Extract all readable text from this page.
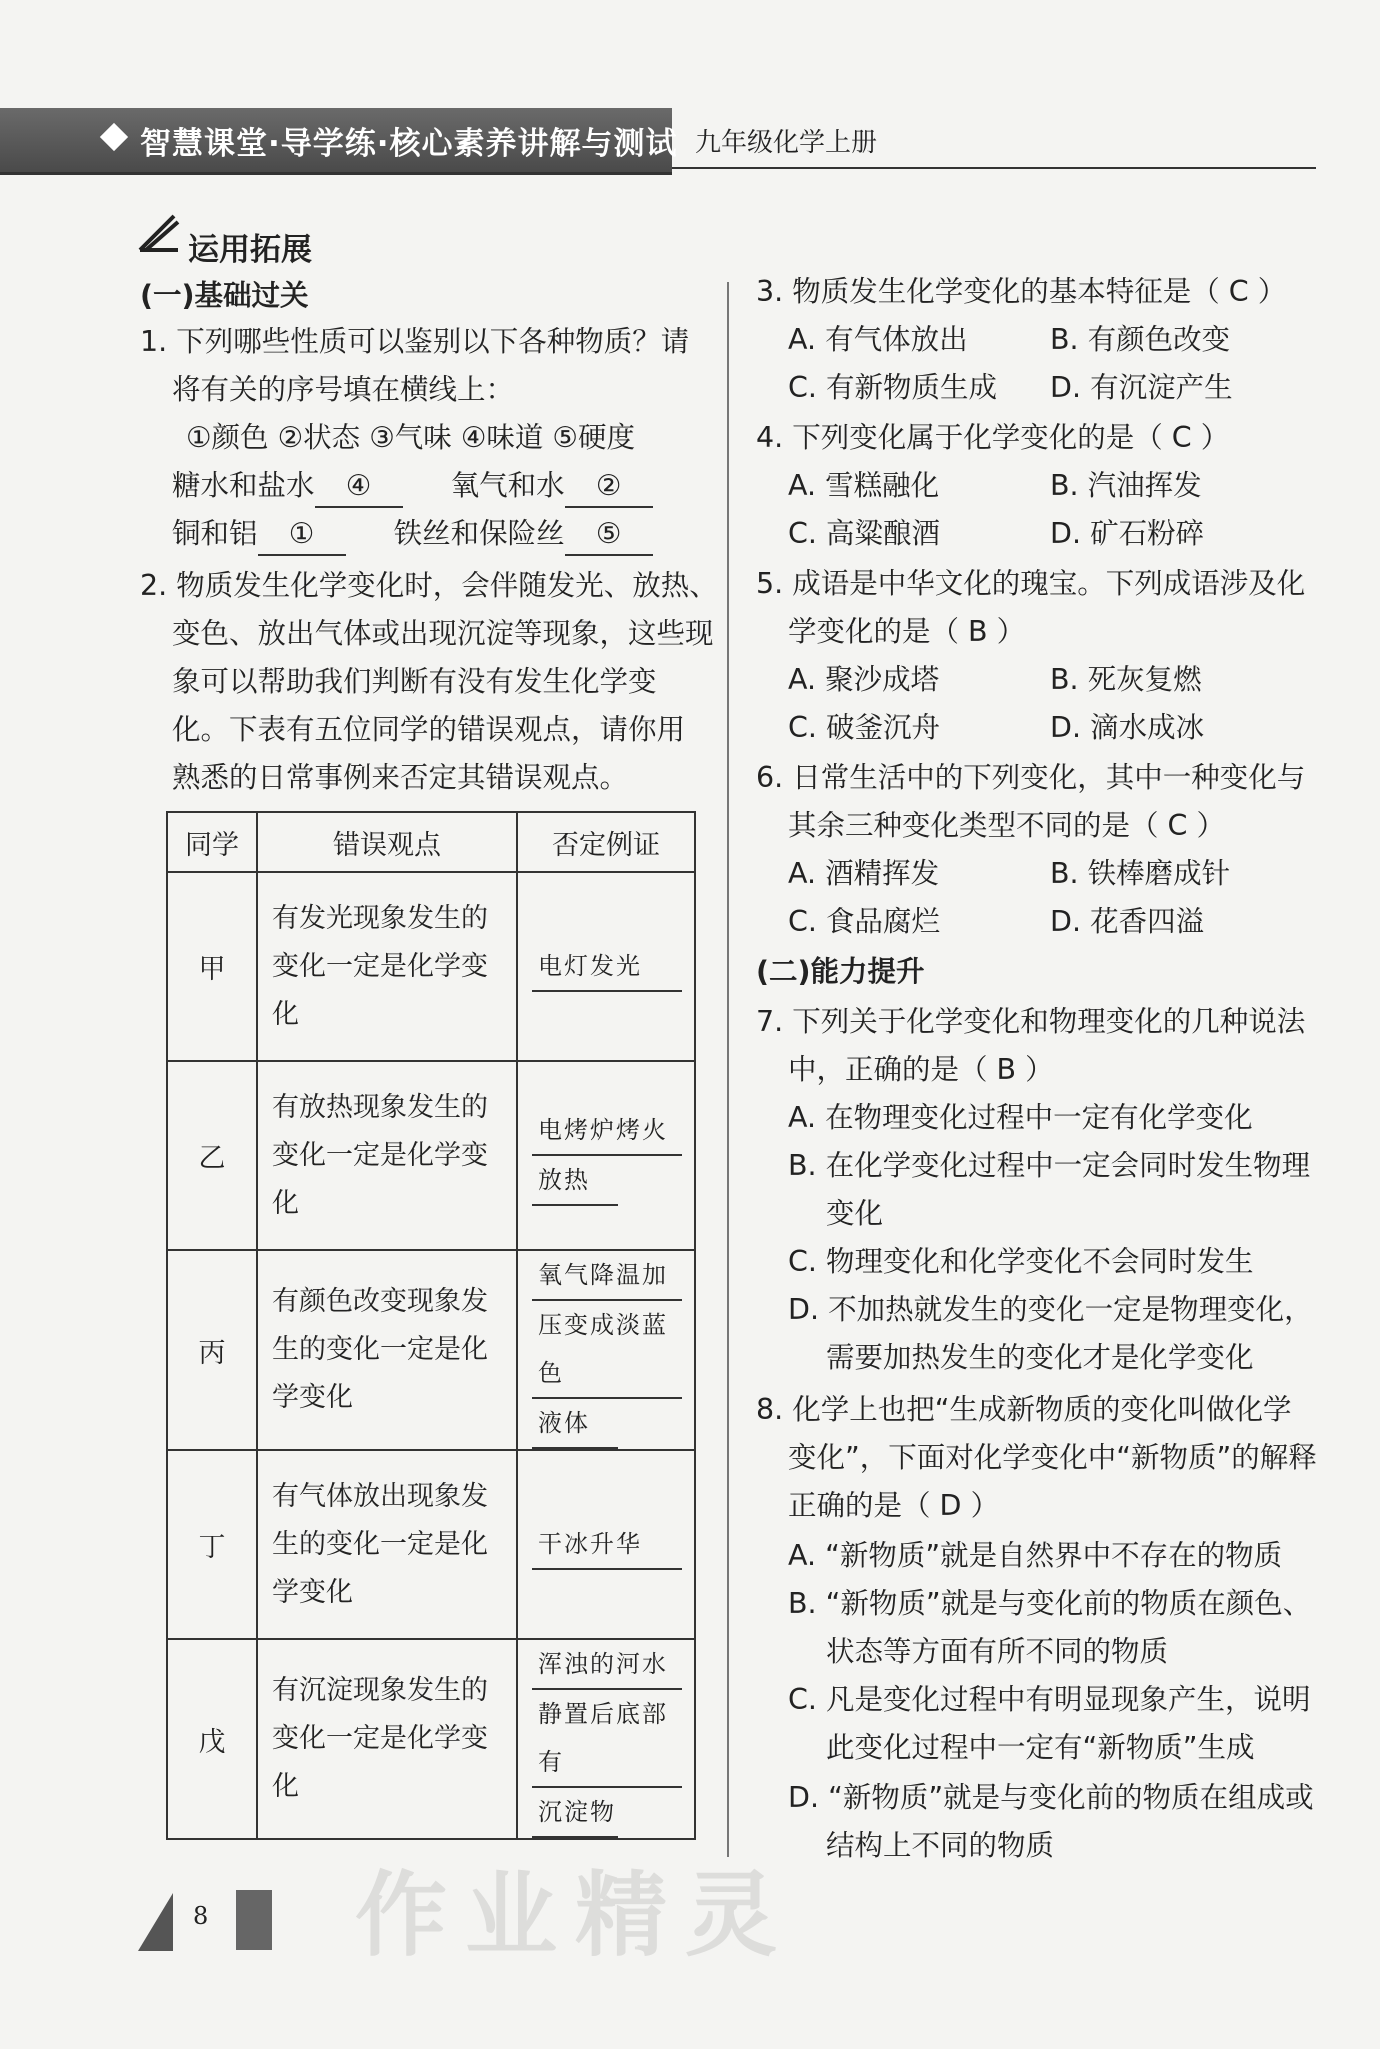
智慧课堂·导学练·核心素养讲解与测试 九年级化学上册
运用拓展
(一)基础过关
1. 下列哪些性质可以鉴别以下各种物质？请
将有关的序号填在横线上：
①颜色 ②状态 ③气味 ④味道 ⑤硬度
糖水和盐水 ④	氧气和水 ②
铜和铝 ①	铁丝和保险丝 ⑤
2. 物质发生化学变化时，会伴随发光、放热、
变色、放出气体或出现沉淀等现象，这些现
象可以帮助我们判断有没有发生化学变
化。下表有五位同学的错误观点，请你用
熟悉的日常事例来否定其错误观点。
同学	错误观点	否定例证
甲	有发光现象发生的变化一定是化学变化	电灯发光

乙	有放热现象发生的变化一定是化学变化	电烤炉烤火
放热

丙	有颜色改变现象发生的变化一定是化学变化	氧气降温加
压变成淡蓝色
液体

丁	有气体放出现象发生的变化一定是化学变化	干冰升华

戊	有沉淀现象发生的变化一定是化学变化	浑浊的河水
静置后底部有
沉淀物
3. 物质发生化学变化的基本特征是（ C ）
A. 有气体放出	B. 有颜色改变
C. 有新物质生成 D. 有沉淀产生
4. 下列变化属于化学变化的是（ C ）
A. 雪糕融化	B. 汽油挥发
C. 高粱酿酒	D. 矿石粉碎
5. 成语是中华文化的瑰宝。下列成语涉及化
学变化的是（ B ）
A. 聚沙成塔	B. 死灰复燃
C. 破釜沉舟	D. 滴水成冰
6. 日常生活中的下列变化，其中一种变化与
其余三种变化类型不同的是（ C ）
A. 酒精挥发	B. 铁棒磨成针
C. 食品腐烂	D. 花香四溢
(二)能力提升
7. 下列关于化学变化和物理变化的几种说法
中，正确的是（ B ）
A. 在物理变化过程中一定有化学变化
B. 在化学变化过程中一定会同时发生物理
变化
C. 物理变化和化学变化不会同时发生
D. 不加热就发生的变化一定是物理变化，
需要加热发生的变化才是化学变化
8. 化学上也把“生成新物质的变化叫做化学
变化”，下面对化学变化中“新物质”的解释
正确的是（ D ）
A. “新物质”就是自然界中不存在的物质
B. “新物质”就是与变化前的物质在颜色、
状态等方面有所不同的物质
C. 凡是变化过程中有明显现象产生，说明
此变化过程中一定有“新物质”生成
D. “新物质”就是与变化前的物质在组成或
结构上不同的物质
8 作业精灵
